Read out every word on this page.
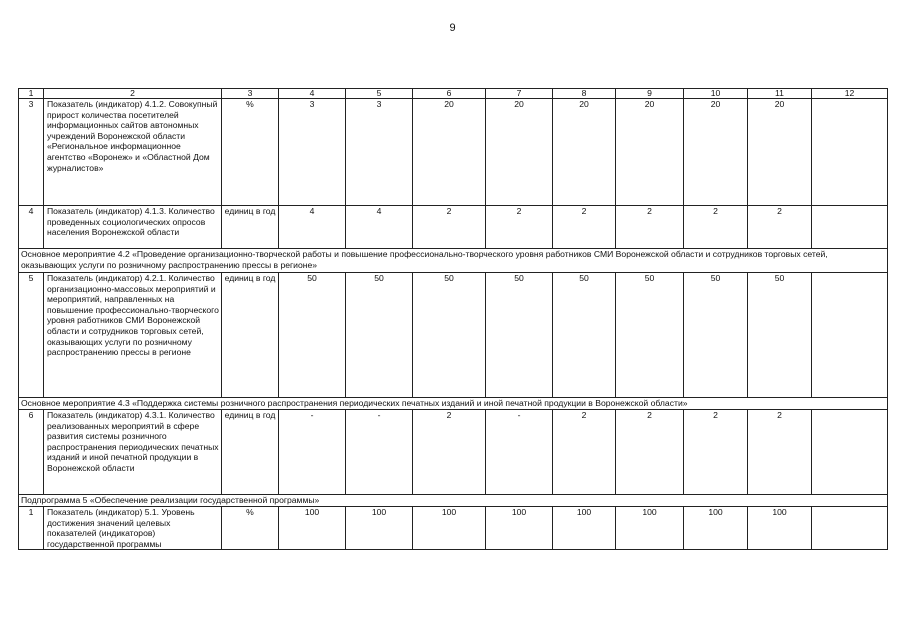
9
1	2	3	4	5	6	7	8	9	10	11	12
3	Показатель (индикатор) 4.1.2. Совокупный прирост количества посетителей информационных сайтов автономных учреждений Воронежской области «Региональное информационное агентство «Воронеж» и «Областной Дом журналистов»	%	3	3	20	20	20	20	20	20	
4	Показатель (индикатор) 4.1.3. Количество проведенных социологических опросов населения Воронежской области	единиц в год	4	4	2	2	2	2	2	2	
Основное мероприятие 4.2 «Проведение организационно-творческой работы и повышение профессионально-творческого уровня работников СМИ Воронежской области и сотрудников торговых сетей, оказывающих услуги по розничному распространению прессы в регионе»											
5	Показатель (индикатор) 4.2.1. Количество организационно-массовых мероприятий и мероприятий, направленных на повышение профессионально-творческого уровня работников СМИ Воронежской области и сотрудников торговых сетей, оказывающих услуги по розничному распространению прессы в регионе	единиц в год	50	50	50	50	50	50	50	50	
Основное мероприятие 4.3 «Поддержка системы розничного распространения периодических печатных изданий и иной печатной продукции в Воронежской области»											
6	Показатель (индикатор) 4.3.1. Количество реализованных мероприятий в сфере развития системы розничного распространения периодических печатных изданий и иной печатной продукции в Воронежской области	единиц в год	-	-	2	-	2	2	2	2	
Подпрограмма 5 «Обеспечение реализации государственной программы»											
1	Показатель (индикатор) 5.1. Уровень достижения значений целевых показателей (индикаторов) государственной программы	%	100	100	100	100	100	100	100	100	
